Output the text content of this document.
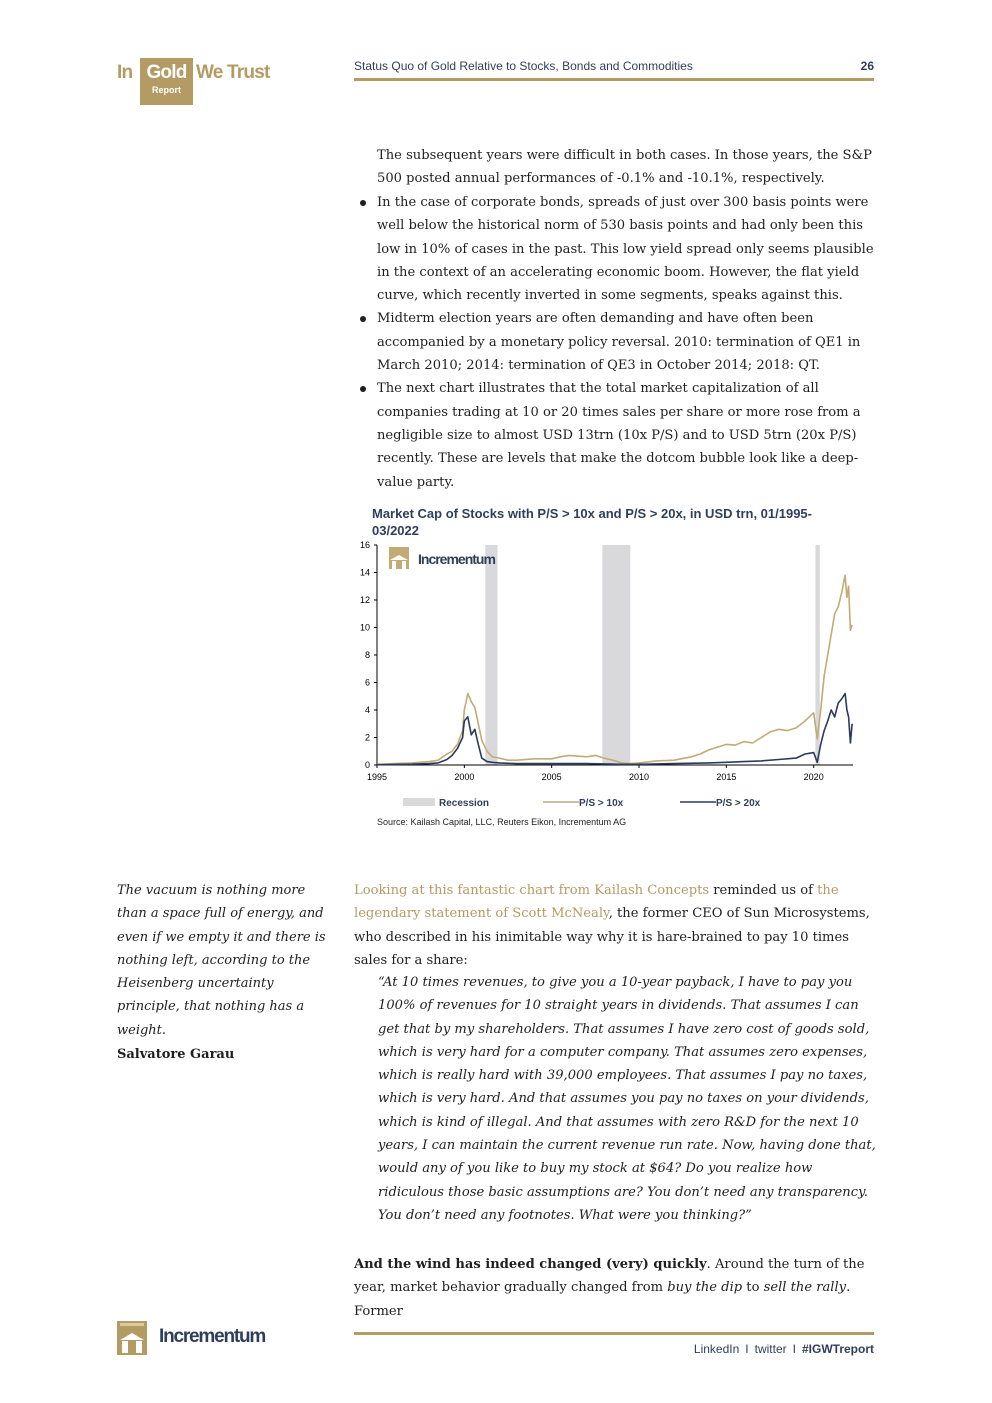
In Gold
Report
We Trust	Status Quo of Gold Relative to Stocks, Bonds and Commodities	26
The subsequent years were difficult in both cases. In those years, the S&P 500 posted annual performances of -0.1% and -10.1%, respectively.
In the case of corporate bonds, spreads of just over 300 basis points were well below the historical norm of 530 basis points and had only been this low in 10% of cases in the past. This low yield spread only seems plausible in the context of an accelerating economic boom. However, the flat yield curve, which recently inverted in some segments, speaks against this.
Midterm election years are often demanding and have often been accompanied by a monetary policy reversal. 2010: termination of QE1 in March 2010; 2014: termination of QE3 in October 2014; 2018: QT.
The next chart illustrates that the total market capitalization of all companies trading at 10 or 20 times sales per share or more rose from a negligible size to almost USD 13trn (10x P/S) and to USD 5trn (20x P/S) recently. These are levels that make the dotcom bubble look like a deep-value party.
Market Cap of Stocks with P/S > 10x and P/S > 20x, in USD trn, 01/1995-03/2022
Incrementum
0
2
4
6
8
10
12
14
16
1995	2000	2005	2010	2015	2020
Recession	P/S > 10x	P/S > 20x
Source: Kailash Capital, LLC, Reuters Eikon, Incrementum AG
The vacuum is nothing more than a space full of energy, and even if we empty it and there is nothing left, according to the Heisenberg uncertainty principle, that nothing has a weight.
Salvatore Garau
Looking at this fantastic chart from Kailash Concepts reminded us of the legendary statement of Scott McNealy, the former CEO of Sun Microsystems, who described in his inimitable way why it is hare-brained to pay 10 times sales for a share:
“At 10 times revenues, to give you a 10-year payback, I have to pay you 100% of revenues for 10 straight years in dividends. That assumes I can get that by my shareholders. That assumes I have zero cost of goods sold, which is very hard for a computer company. That assumes zero expenses, which is really hard with 39,000 employees. That assumes I pay no taxes, which is very hard. And that assumes you pay no taxes on your dividends, which is kind of illegal. And that assumes with zero R&D for the next 10 years, I can maintain the current revenue run rate. Now, having done that, would any of you like to buy my stock at $64? Do you realize how ridiculous those basic assumptions are? You don’t need any transparency. You don’t need any footnotes. What were you thinking?”
And the wind has indeed changed (very) quickly. Around the turn of the year, market behavior gradually changed from buy the dip to sell the rally. Former
Incrementum
LinkedIn I twitter I #IGWTreport
